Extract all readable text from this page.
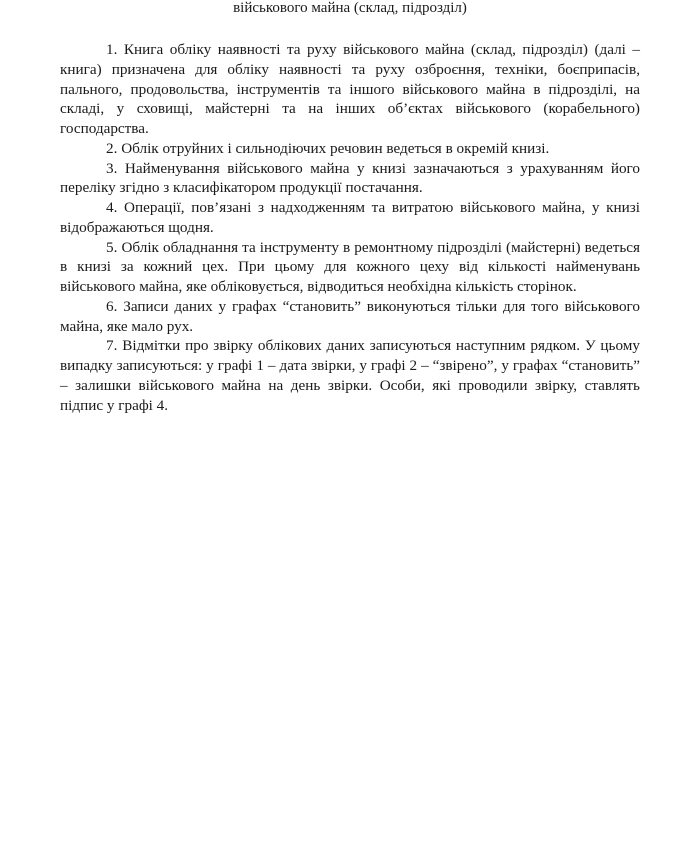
військового майна (склад, підрозділ)

1. Книга обліку наявності та руху військового майна (склад, підрозділ) (далі – книга) призначена для обліку наявності та руху озброєння, техніки, боєприпасів, пального, продовольства, інструментів та іншого військового майна в підрозділі, на складі, у сховищі, майстерні та на інших об’єктах військового (корабельного) господарства.

2. Облік отруйних і сильнодіючих речовин ведеться в окремій книзі.

3. Найменування військового майна у книзі зазначаються з урахуванням його переліку згідно з класифікатором продукції постачання.

4. Операції, пов’язані з надходженням та витратою військового майна, у книзі відображаються щодня.

5. Облік обладнання та інструменту в ремонтному підрозділі (майстерні) ведеться в книзі за кожний цех. При цьому для кожного цеху від кількості найменувань військового майна, яке обліковується, відводиться необхідна кількість сторінок.

6. Записи даних у графах “становить” виконуються тільки для того військового майна, яке мало рух.

7. Відмітки про звірку облікових даних записуються наступним рядком. У цьому випадку записуються: у графі 1 – дата звірки, у графі 2 – “звірено”, у графах “становить” – залишки військового майна на день звірки. Особи, які проводили звірку, ставлять підпис у графі 4.
